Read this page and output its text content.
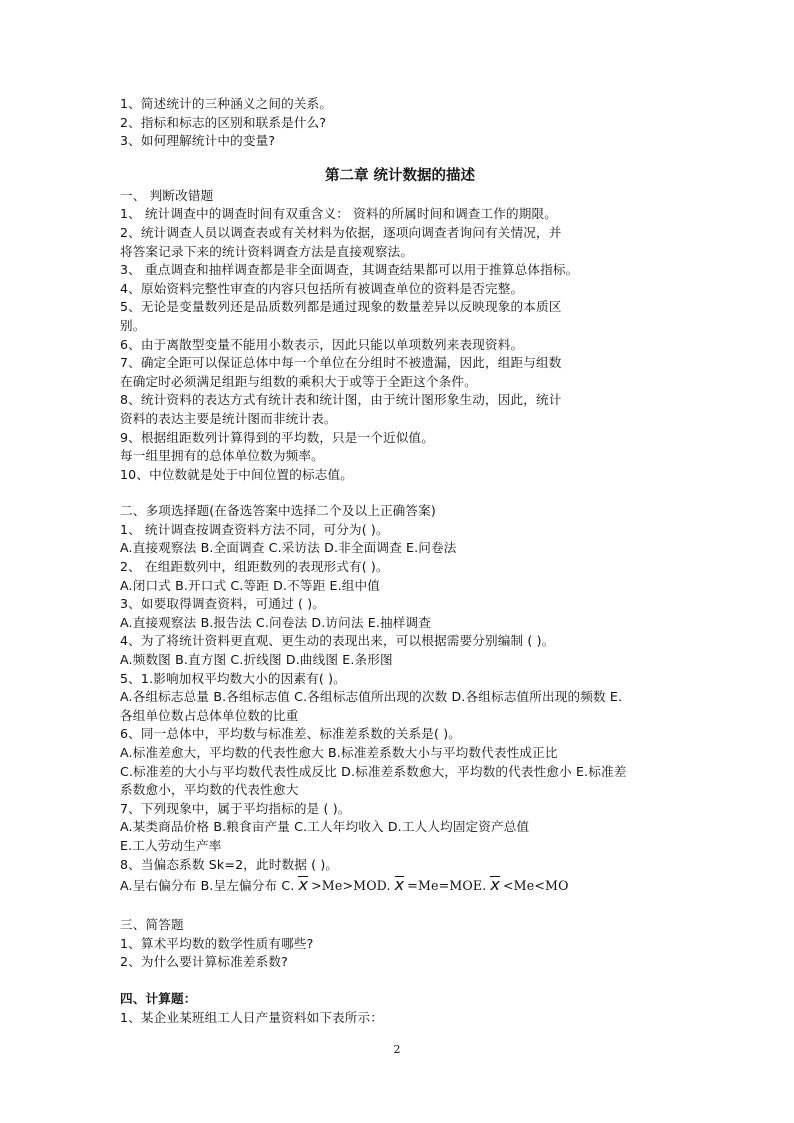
1、简述统计的三种涵义之间的关系。
2、指标和标志的区别和联系是什么?
3、如何理解统计中的变量?
第二章 统计数据的描述
一、 判断改错题
1、 统计调查中的调查时间有双重含义： 资料的所属时间和调查工作的期限。
2、统计调查人员以调查表或有关材料为依据，逐项向调查者询问有关情况，并
将答案记录下来的统计资料调查方法是直接观察法。
3、 重点调查和抽样调查都是非全面调查，其调查结果都可以用于推算总体指标。
4、原始资料完整性审查的内容只包括所有被调查单位的资料是否完整。
5、无论是变量数列还是品质数列都是通过现象的数量差异以反映现象的本质区
别。
6、由于离散型变量不能用小数表示，因此只能以单项数列来表现资料。
7、确定全距可以保证总体中每一个单位在分组时不被遗漏，因此，组距与组数
在确定时必须满足组距与组数的乘积大于或等于全距这个条件。
8、统计资料的表达方式有统计表和统计图，由于统计图形象生动，因此，统计
资料的表达主要是统计图而非统计表。
9、根据组距数列计算得到的平均数，只是一个近似值。
每一组里拥有的总体单位数为频率。
10、中位数就是处于中间位置的标志值。
二、多项选择题(在备选答案中选择二个及以上正确答案)
1、 统计调查按调查资料方法不同，可分为( )。
A.直接观察法 B.全面调查 C.采访法 D.非全面调查 E.问卷法
2、 在组距数列中，组距数列的表现形式有( )。
A.闭口式 B.开口式 C.等距 D.不等距 E.组中值
3、如要取得调查资料，可通过 ( )。
A.直接观察法 B.报告法 C.问卷法 D.访问法 E.抽样调查
4、为了将统计资料更直观、更生动的表现出来，可以根据需要分别编制 ( )。
A.频数图 B.直方图 C.折线图 D.曲线图 E.条形图
5、1.影响加权平均数大小的因素有( )。
A.各组标志总量 B.各组标志值 C.各组标志值所出现的次数 D.各组标志值所出现的频数 E.
各组单位数占总体单位数的比重
6、同一总体中，平均数与标准差、标准差系数的关系是( )。
A.标准差愈大，平均数的代表性愈大 B.标准差系数大小与平均数代表性成正比
C.标准差的大小与平均数代表性成反比 D.标准差系数愈大，平均数的代表性愈小 E.标准差
系数愈小，平均数的代表性愈大
7、下列现象中，属于平均指标的是 ( )。
A.某类商品价格 B.粮食亩产量 C.工人年均收入 D.工人人均固定资产总值
E.工人劳动生产率
8、当偏态系数 Sk=2，此时数据 ( )。
A.呈右偏分布 B.呈左偏分布 C. x >Me>MOD. x =Me=MOE. x <Me<MO
三、简答题
1、算术平均数的数学性质有哪些?
2、为什么要计算标准差系数?
四、计算题：
1、某企业某班组工人日产量资料如下表所示：
2
